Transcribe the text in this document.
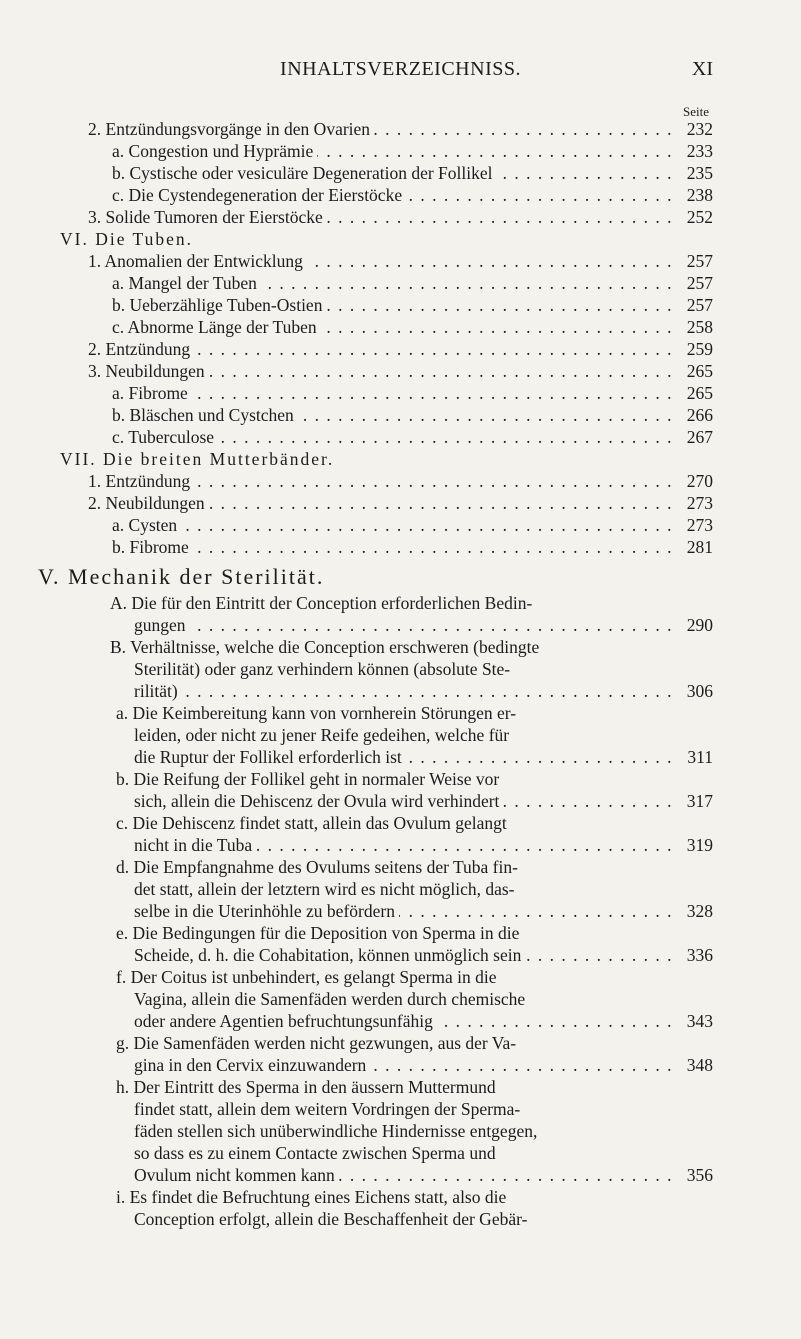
INHALTSVERZEICHNISS.	XI
Seite
2. Entzündungsvorgänge in den Ovarien . . .	232
a. Congestion und Hyprämie . . .	233
b. Cystische oder vesiculäre Degeneration der Follikel . . .	235
c. Die Cystendegeneration der Eierstöcke . . .	238
3. Solide Tumoren der Eierstöcke . . .	252
VI. Die Tuben.
1. Anomalien der Entwicklung . . .	257
a. Mangel der Tuben . . .	257
b. Ueberzählige Tuben-Ostien . . .	257
c. Abnorme Länge der Tuben . . .	258
2. Entzündung . . .	259
3. Neubildungen . . .	265
a. Fibrome . . .	265
b. Bläschen und Cystchen . . .	266
c. Tuberculose . . .	267
VII. Die breiten Mutterbänder.
1. Entzündung . . .	270
2. Neubildungen . . .	273
a. Cysten . . .	273
b. Fibrome . . .	281
V. Mechanik der Sterilität.
A. Die für den Eintritt der Conception erforderlichen Bedin-
gungen . . .	290
B. Verhältnisse, welche die Conception erschweren (bedingte
Sterilität) oder ganz verhindern können (absolute Ste-
rilität) . . .	306
a. Die Keimbereitung kann von vornherein Störungen er-
leiden, oder nicht zu jener Reife gedeihen, welche für
die Ruptur der Follikel erforderlich ist . . .	311
b. Die Reifung der Follikel geht in normaler Weise vor
sich, allein die Dehiscenz der Ovula wird verhindert . . .	317
c. Die Dehiscenz findet statt, allein das Ovulum gelangt
nicht in die Tuba . . .	319
d. Die Empfangnahme des Ovulums seitens der Tuba fin-
det statt, allein der letztern wird es nicht möglich, das-
selbe in die Uterinhöhle zu befördern . . .	328
e. Die Bedingungen für die Deposition von Sperma in die
Scheide, d. h. die Cohabitation, können unmöglich sein . . .	336
f. Der Coitus ist unbehindert, es gelangt Sperma in die
Vagina, allein die Samenfäden werden durch chemische
oder andere Agentien befruchtungsunfähig . . .	343
g. Die Samenfäden werden nicht gezwungen, aus der Va-
gina in den Cervix einzuwandern . . .	348
h. Der Eintritt des Sperma in den äussern Muttermund
findet statt, allein dem weitern Vordringen der Sperma-
fäden stellen sich unüberwindliche Hindernisse entgegen,
so dass es zu einem Contacte zwischen Sperma und
Ovulum nicht kommen kann . . .	356
i. Es findet die Befruchtung eines Eichens statt, also die
Conception erfolgt, allein die Beschaffenheit der Gebär-
